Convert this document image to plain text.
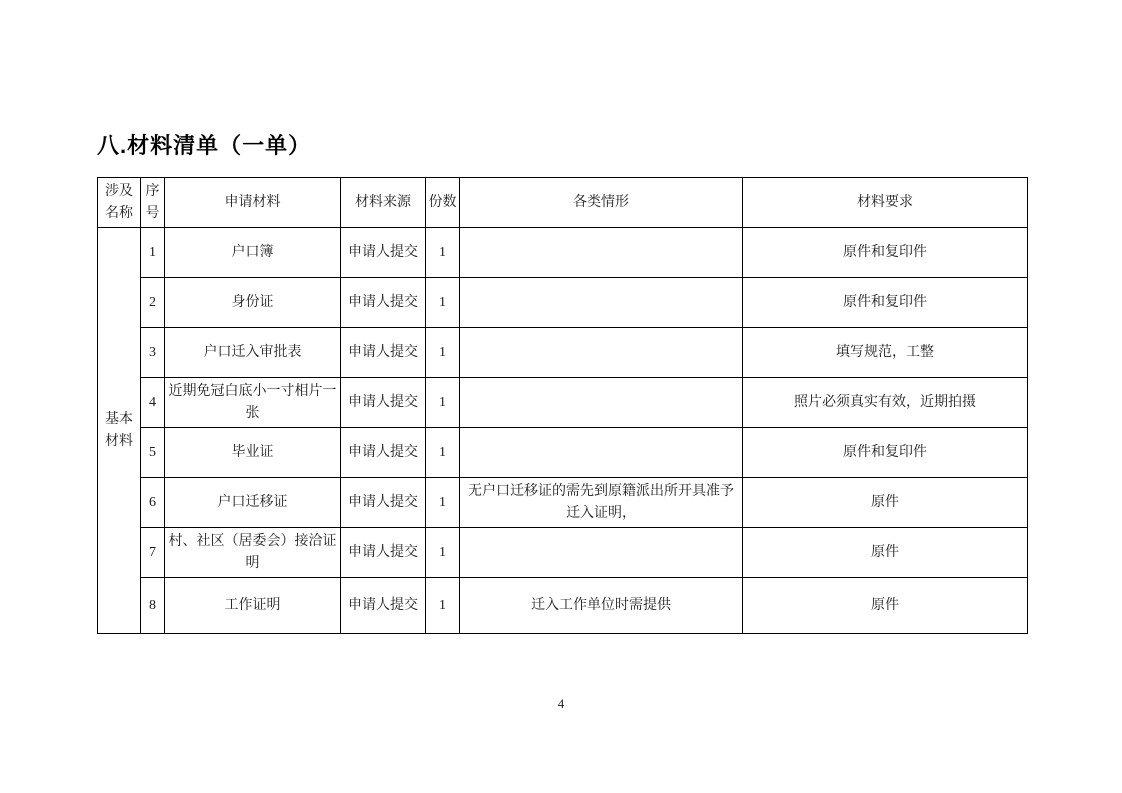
八.材料清单（一单）
涉及名称	序号	申请材料	材料来源	份数	各类情形	材料要求
基本材料	1	户口簿	申请人提交	1		原件和复印件
	2	身份证	申请人提交	1		原件和复印件
	3	户口迁入审批表	申请人提交	1		填写规范，工整
	4	近期免冠白底小一寸相片一张	申请人提交	1		照片必须真实有效，近期拍摄
	5	毕业证	申请人提交	1		原件和复印件
	6	户口迁移证	申请人提交	1	无户口迁移证的需先到原籍派出所开具准予迁入证明，	原件
	7	村、社区（居委会）接洽证明	申请人提交	1		原件
	8	工作证明	申请人提交	1	迁入工作单位时需提供	原件
4
